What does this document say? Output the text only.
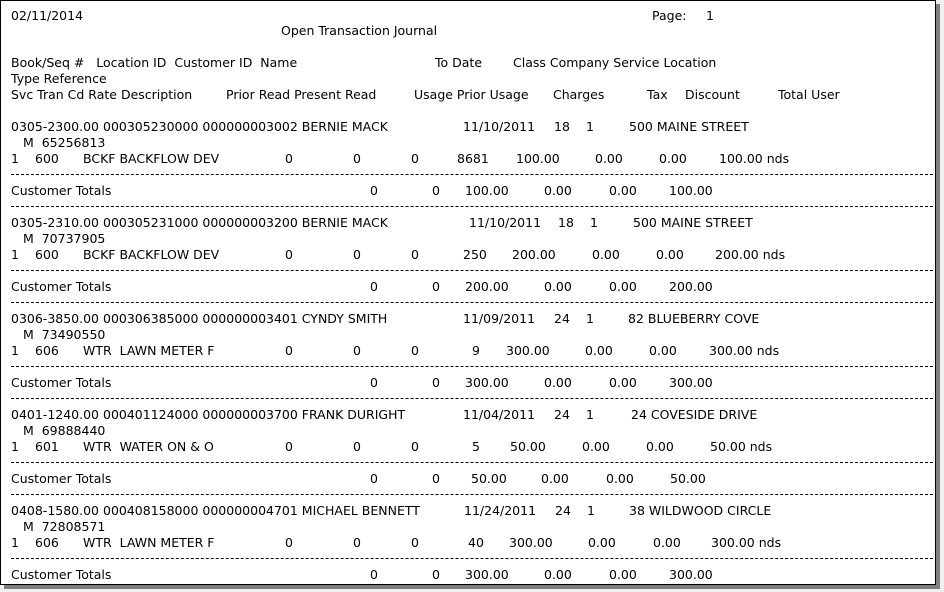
02/11/2014	Page: 1
Open Transaction Journal
Book/Seq #   Location ID  Customer ID  Name	To Date Class Company Service Location
Type Reference
Svc Tran Cd Rate Description	Prior Read Present Read	Usage Prior Usage Charges	Tax Discount	Total User
0305-2300.00 000305230000 000000003002 BERNIE MACK	11/10/2011 18 1	500 MAINE STREET
M  65256813
1 600 BCKF BACKFLOW DEV	0	0	0	8681 100.00	0.00	0.00	100.00 nds
Customer Totals	0	0 100.00	0.00	0.00	100.00
0305-2310.00 000305231000 000000003200 BERNIE MACK	11/10/2011 18 1	500 MAINE STREET
M  70737905
1 600 BCKF BACKFLOW DEV	0	0	0	250 200.00	0.00	0.00 200.00 nds
Customer Totals	0	0 200.00	0.00	0.00	200.00
0306-3850.00 000306385000 000000003401 CYNDY SMITH	11/09/2011 24 1	82 BLUEBERRY COVE
M  73490550
1 606 WTR  LAWN METER F	0	0	0	9 300.00	0.00	0.00	300.00 nds
Customer Totals	0	0 300.00	0.00	0.00	300.00
0401-1240.00 000401124000 000000003700 FRANK DURIGHT	11/04/2011 24 1	24 COVESIDE DRIVE
M  69888440
1 601 WTR  WATER ON & O	0	0	0	5 50.00	0.00	0.00	50.00 nds
Customer Totals	0	0 50.00	0.00	0.00	50.00
0408-1580.00 000408158000 000000004701 MICHAEL BENNETT	11/24/2011 24 1	38 WILDWOOD CIRCLE
M  72808571
1 606 WTR  LAWN METER F	0	0	0	40 300.00	0.00	0.00 300.00 nds
Customer Totals	0	0 300.00	0.00	0.00	300.00
